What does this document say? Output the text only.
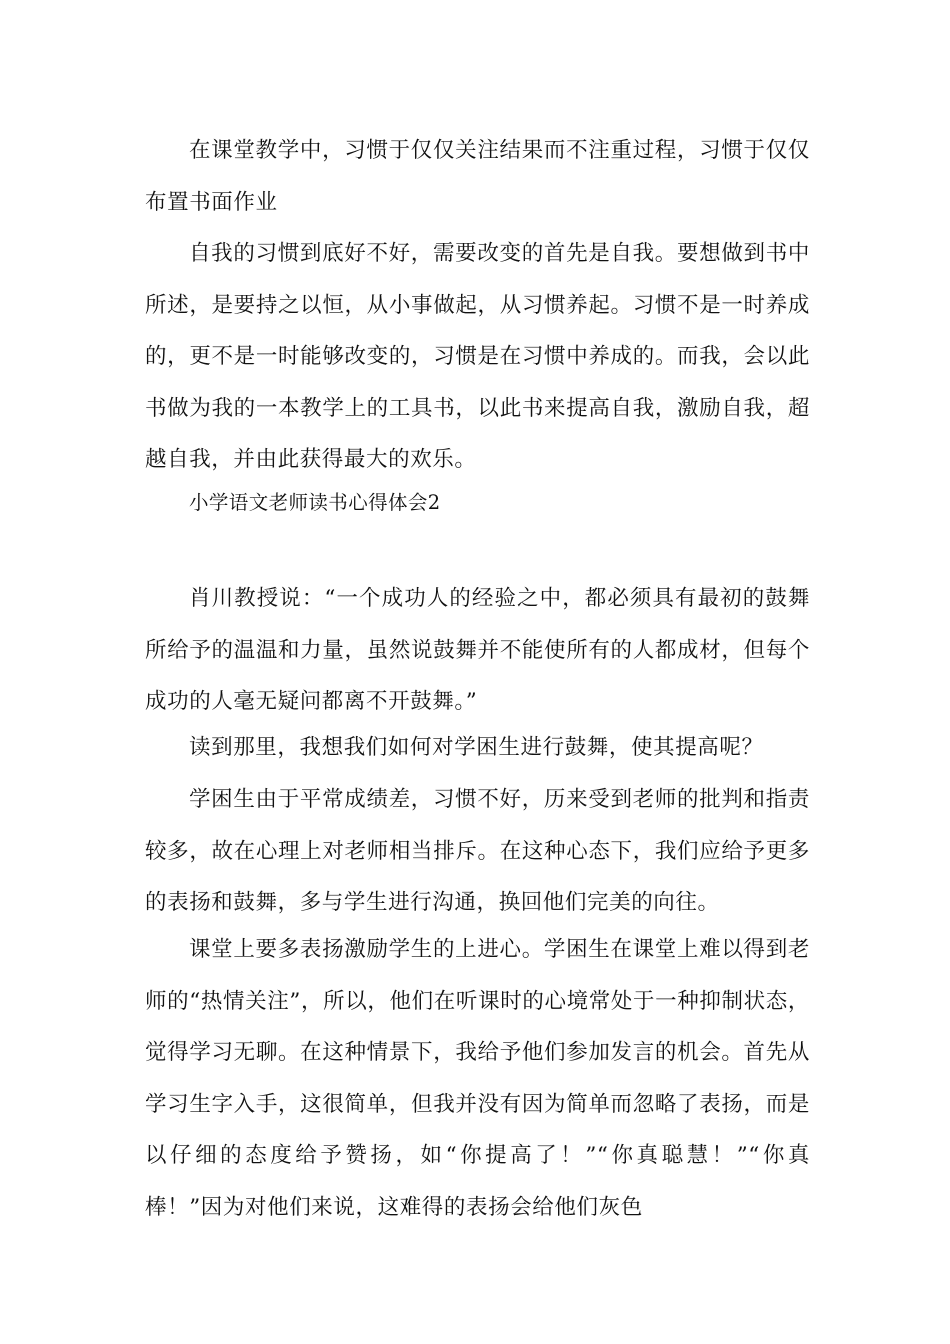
在课堂教学中，习惯于仅仅关注结果而不注重过程，习惯于仅仅布置书面作业

自我的习惯到底好不好，需要改变的首先是自我。要想做到书中所述，是要持之以恒，从小事做起，从习惯养起。习惯不是一时养成的，更不是一时能够改变的，习惯是在习惯中养成的。而我，会以此书做为我的一本教学上的工具书，以此书来提高自我，激励自我，超越自我，并由此获得最大的欢乐。

小学语文老师读书心得体会2

肖川教授说：“一个成功人的经验之中，都必须具有最初的鼓舞所给予的温温和力量，虽然说鼓舞并不能使所有的人都成材，但每个成功的人毫无疑问都离不开鼓舞。”

读到那里，我想我们如何对学困生进行鼓舞，使其提高呢？

学困生由于平常成绩差，习惯不好，历来受到老师的批判和指责较多，故在心理上对老师相当排斥。在这种心态下，我们应给予更多的表扬和鼓舞，多与学生进行沟通，换回他们完美的向往。

课堂上要多表扬激励学生的上进心。学困生在课堂上难以得到老师的“热情关注”，所以，他们在听课时的心境常处于一种抑制状态，觉得学习无聊。在这种情景下，我给予他们参加发言的机会。首先从学习生字入手，这很简单，但我并没有因为简单而忽略了表扬，而是以仔细的态度给予赞扬，如“你提高了！”“你真聪慧！”“你真棒！”因为对他们来说，这难得的表扬会给他们灰色
